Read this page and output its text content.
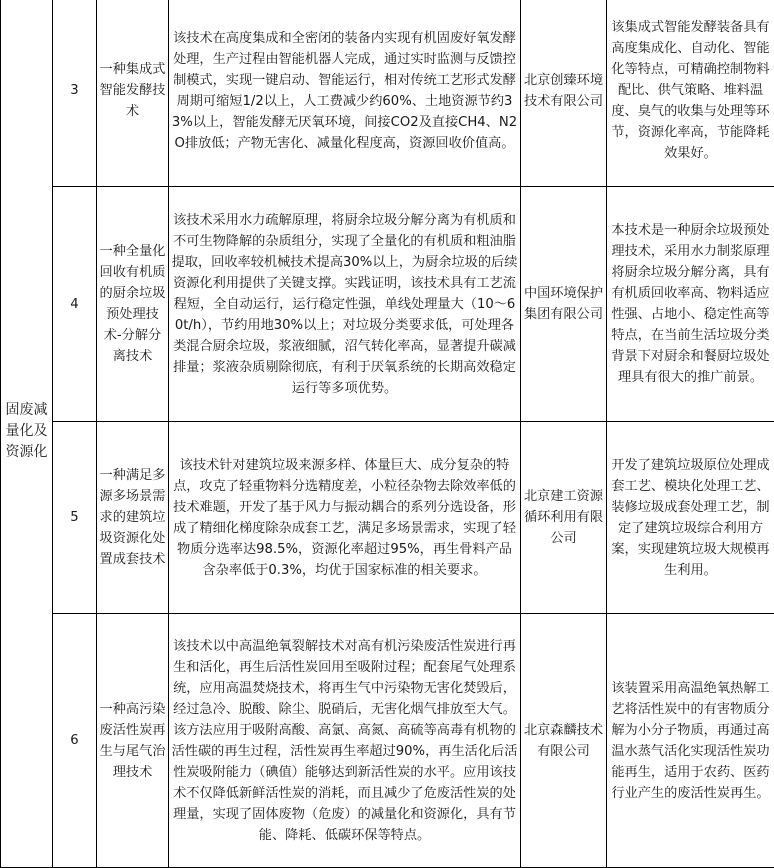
固废减量化及资源化	3	一种集成式智能发酵技术	该技术在高度集成和全密闭的装备内实现有机固废好氧发酵处理，生产过程由智能机器人完成，通过实时监测与反馈控制模式，实现一键启动、智能运行，相对传统工艺形式发酵周期可缩短1/2以上，人工费减少约60%、土地资源节约33%以上，智能发酵无厌氧环境，间接CO2及直接CH4、N2O排放低；产物无害化、减量化程度高，资源回收价值高。	北京创臻环境技术有限公司	该集成式智能发酵装备具有高度集成化、自动化、智能化等特点，可精确控制物料配比、供气策略、堆料温度、臭气的收集与处理等环节，资源化率高，节能降耗效果好。
	4	一种全量化回收有机质的厨余垃圾预处理技术-分解分离技术	该技术采用水力疏解原理，将厨余垃圾分解分离为有机质和不可生物降解的杂质组分，实现了全量化的有机质和粗油脂提取，回收率较机械技术提高30%以上，为厨余垃圾的后续资源化利用提供了关键支撑。实践证明，该技术具有工艺流程短，全自动运行，运行稳定性强，单线处理量大（10～60t/h），节约用地30%以上；对垃圾分类要求低，可处理各类混合厨余垃圾，浆液细腻，沼气转化率高，显著提升碳减排量；浆液杂质剔除彻底，有利于厌氧系统的长期高效稳定运行等多项优势。	中国环境保护集团有限公司	本技术是一种厨余垃圾预处理技术，采用水力制浆原理将厨余垃圾分解分离，具有有机质回收率高、物料适应性强、占地小、稳定性高等特点，在当前生活垃圾分类背景下对厨余和餐厨垃圾处理具有很大的推广前景。
	5	一种满足多源多场景需求的建筑垃圾资源化处置成套技术	该技术针对建筑垃圾来源多样、体量巨大、成分复杂的特点，攻克了轻重物料分选精度差，小粒径杂物去除效率低的技术难题，开发了基于风力与振动耦合的系列分选设备，形成了精细化梯度除杂成套工艺，满足多场景需求，实现了轻物质分选率达98.5%，资源化率超过95%，再生骨料产品含杂率低于0.3%，均优于国家标准的相关要求。	北京建工资源循环利用有限公司	开发了建筑垃圾原位处理成套工艺、模块化处理工艺、装修垃圾成套处理工艺，制定了建筑垃圾综合利用方案，实现建筑垃圾大规模再生利用。
	6	一种高污染废活性炭再生与尾气治理技术	该技术以中高温绝氧裂解技术对高有机污染废活性炭进行再生和活化，再生后活性炭回用至吸附过程；配套尾气处理系统，应用高温焚烧技术，将再生气中污染物无害化焚毁后，经过急冷、脱酸、除尘、脱硝后，无害化烟气排放至大气。该方法应用于吸附高酸、高氯、高氮、高硫等高毒有机物的活性碳的再生过程，活性炭再生率超过90%，再生活化后活性炭吸附能力（碘值）能够达到新活性炭的水平。应用该技术不仅降低新鲜活性炭的消耗，而且减少了危废活性炭的处理量，实现了固体废物（危废）的减量化和资源化，具有节能、降耗、低碳环保等特点。	北京森麟技术有限公司	该装置采用高温绝氧热解工艺将活性炭中的有害物质分解为小分子物质，再通过高温水蒸气活化实现活性炭功能再生，适用于农药、医药行业产生的废活性炭再生。
